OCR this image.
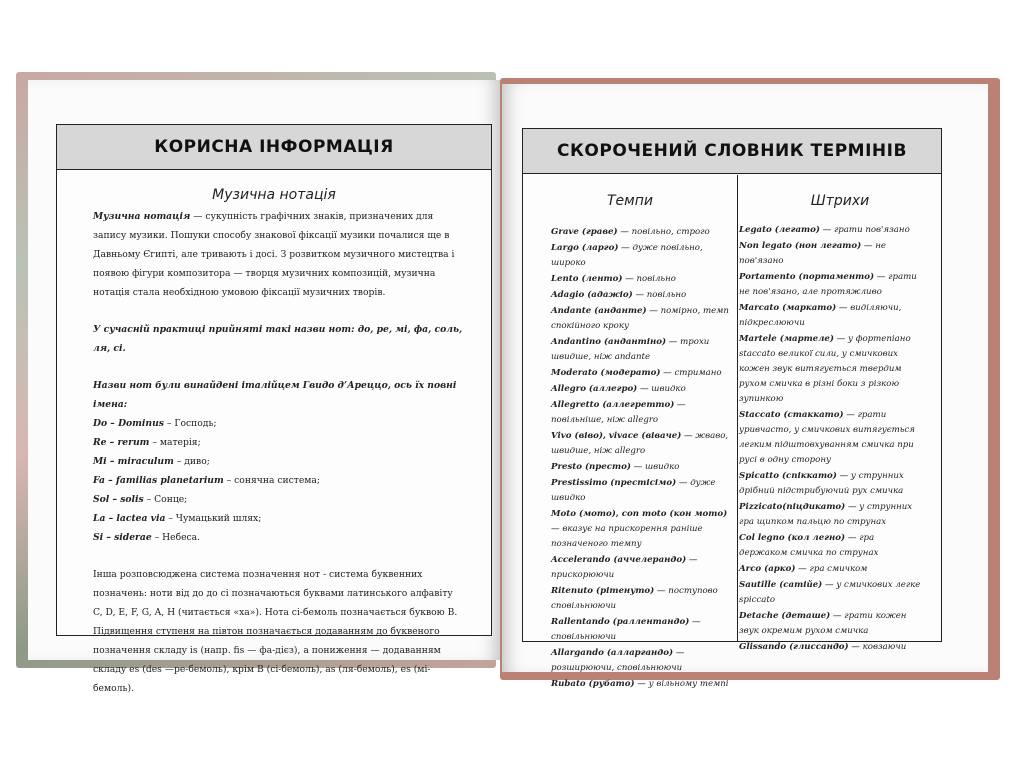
КОРИСНА ІНФОРМАЦІЯ
Музична нотація

Музична нотація — сукупність графічних знаків, призначених для запису музики. Пошуки способу знакової фіксації музики почалися ще в Давньому Єгипті, але тривають і досі. З розвитком музичного мистецтва і появою фігури композитора — творця музичних композицій, музична нотація стала необхідною умовою фіксації музичних творів.

У сучасній практиці прийняті такі назви нот: до, ре, мі, фа, соль, ля, сі.

Назви нот були винайдені італійцем Гвидо д’Ареццо, ось їх повні імена:

Do – Dominus – Господь;
Re – rerum – матерія;
Mi – miraculum – диво;
Fa – familias planetarium – сонячна система;
Sol – solis – Сонце;
La – lactea via – Чумацький шлях;
Si – siderae – Небеса.

Інша розповсюджена система позначення нот - система буквенних позначень: ноти від до до сі позначаються буквами латинського алфавіту C, D, E, F, G, A, H (читається «ха»). Нота сі-бемоль позначається буквою B. Підвищення ступеня на півтон позначається додаванням до буквеного позначення складу is (напр. fis — фа-дієз), а пониження — додаванням складу es (des —ре-бемоль), крім B (сі-бемоль), as (ля-бемоль), es (мі-бемоль).

СКОРОЧЕНИЙ СЛОВНИК ТЕРМІНІВ
Темпи	Штрихи
Grave (граве) — повільно, строго
Largo (ларго) — дуже повільно, широко
Lento (ленто) — повільно
Adagio (адажіо) — повільно
Andante (анданте) — помірно, темп спокійного кроку
Andantino (андантіно) — трохи швидше, ніж andante
Moderato (модерато) — стримано
Allegro (аллегро) — швидко
Allegretto (аллегретто) — повільніше, ніж allegro
Vivo (віво), vivace (віваче) — жваво, швидше, ніж allegro
Presto (престо) — швидко
Prestissimo (престісімо) — дуже швидко
Moto (мото), con moto (кон мото) — вказує на прискорення раніше позначеного темпу
Accelerando (аччелерандо) — прискорюючи
Ritenuto (рітенуто) — поступово сповільнюючи
Rallentando (раллентандо) — сповільнюючи
Allargando (алларгандо) — розширюючи, сповільнюючи
Rubato (рубато) — у вільному темпі
Legato (легато) — грати пов'язано
Non legato (нон легато) — не пов'язано
Portamento (портаменто) — грати не пов'язано, але протяжливо
Marcato (маркато) — виділяючи, підкреслюючи
Martele (мартеле) — у фортепіано staccato великої сили, у смичкових кожен звук витягується твердим рухом смичка в різні боки з різкою зупинкою
Staccato (стаккато) — грати уривчасто, у смичкових витягується легким підштовхуванням смичка при русі в одну сторону
Spicatto (спіккато) — у струнних дрібний підстрибуючий рух смичка
Pizzicato(піцдикато) — у струнних гра щипком пальцю по струнах
Col legno (кол легно) — гра держаком смичка по струнах
Arco (арко) — гра смичком
Sautille (сатійе) — у смичкових легке spiccato
Detache (деташе) — грати кожен звук окремим рухом смичка
Glissando (глиссандо) — ковзаючи
